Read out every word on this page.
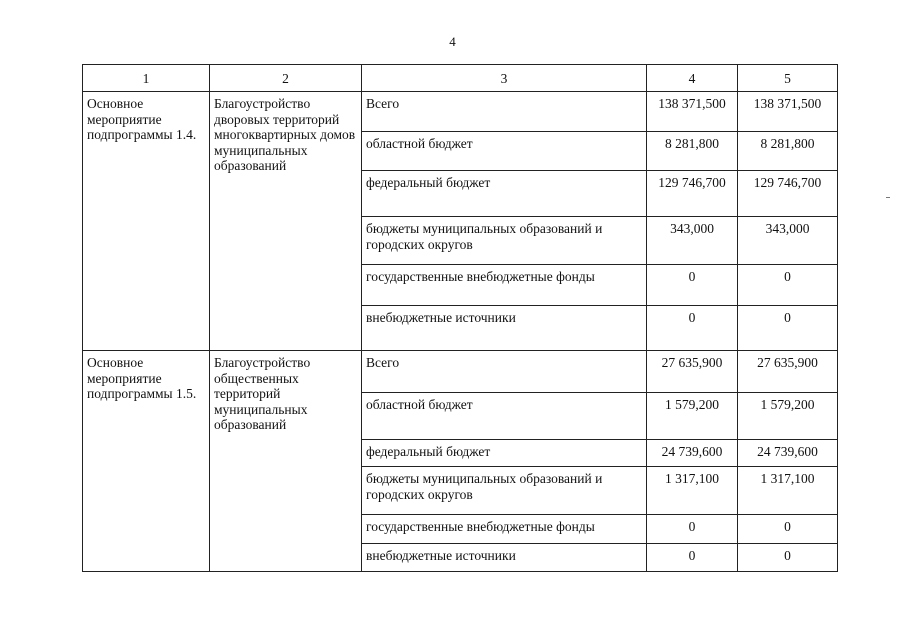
4
1	2	3	4	5
Основное мероприятие подпрограммы 1.4.	Благоустройство дворовых территорий многоквартирных домов муниципальных образований	Всего	138 371,500	138 371,500
		областной бюджет	8 281,800	8 281,800
		федеральный бюджет	129 746,700	129 746,700
		бюджеты муниципальных образований и городских округов	343,000	343,000
		государственные внебюджетные фонды	0	0
		внебюджетные источники	0	0
Основное мероприятие подпрограммы 1.5.	Благоустройство общественных территорий муниципальных образований	Всего	27 635,900	27 635,900
		областной бюджет	1 579,200	1 579,200
		федеральный бюджет	24 739,600	24 739,600
		бюджеты муниципальных образований и городских округов	1 317,100	1 317,100
		государственные внебюджетные фонды	0	0
		внебюджетные источники	0	0
